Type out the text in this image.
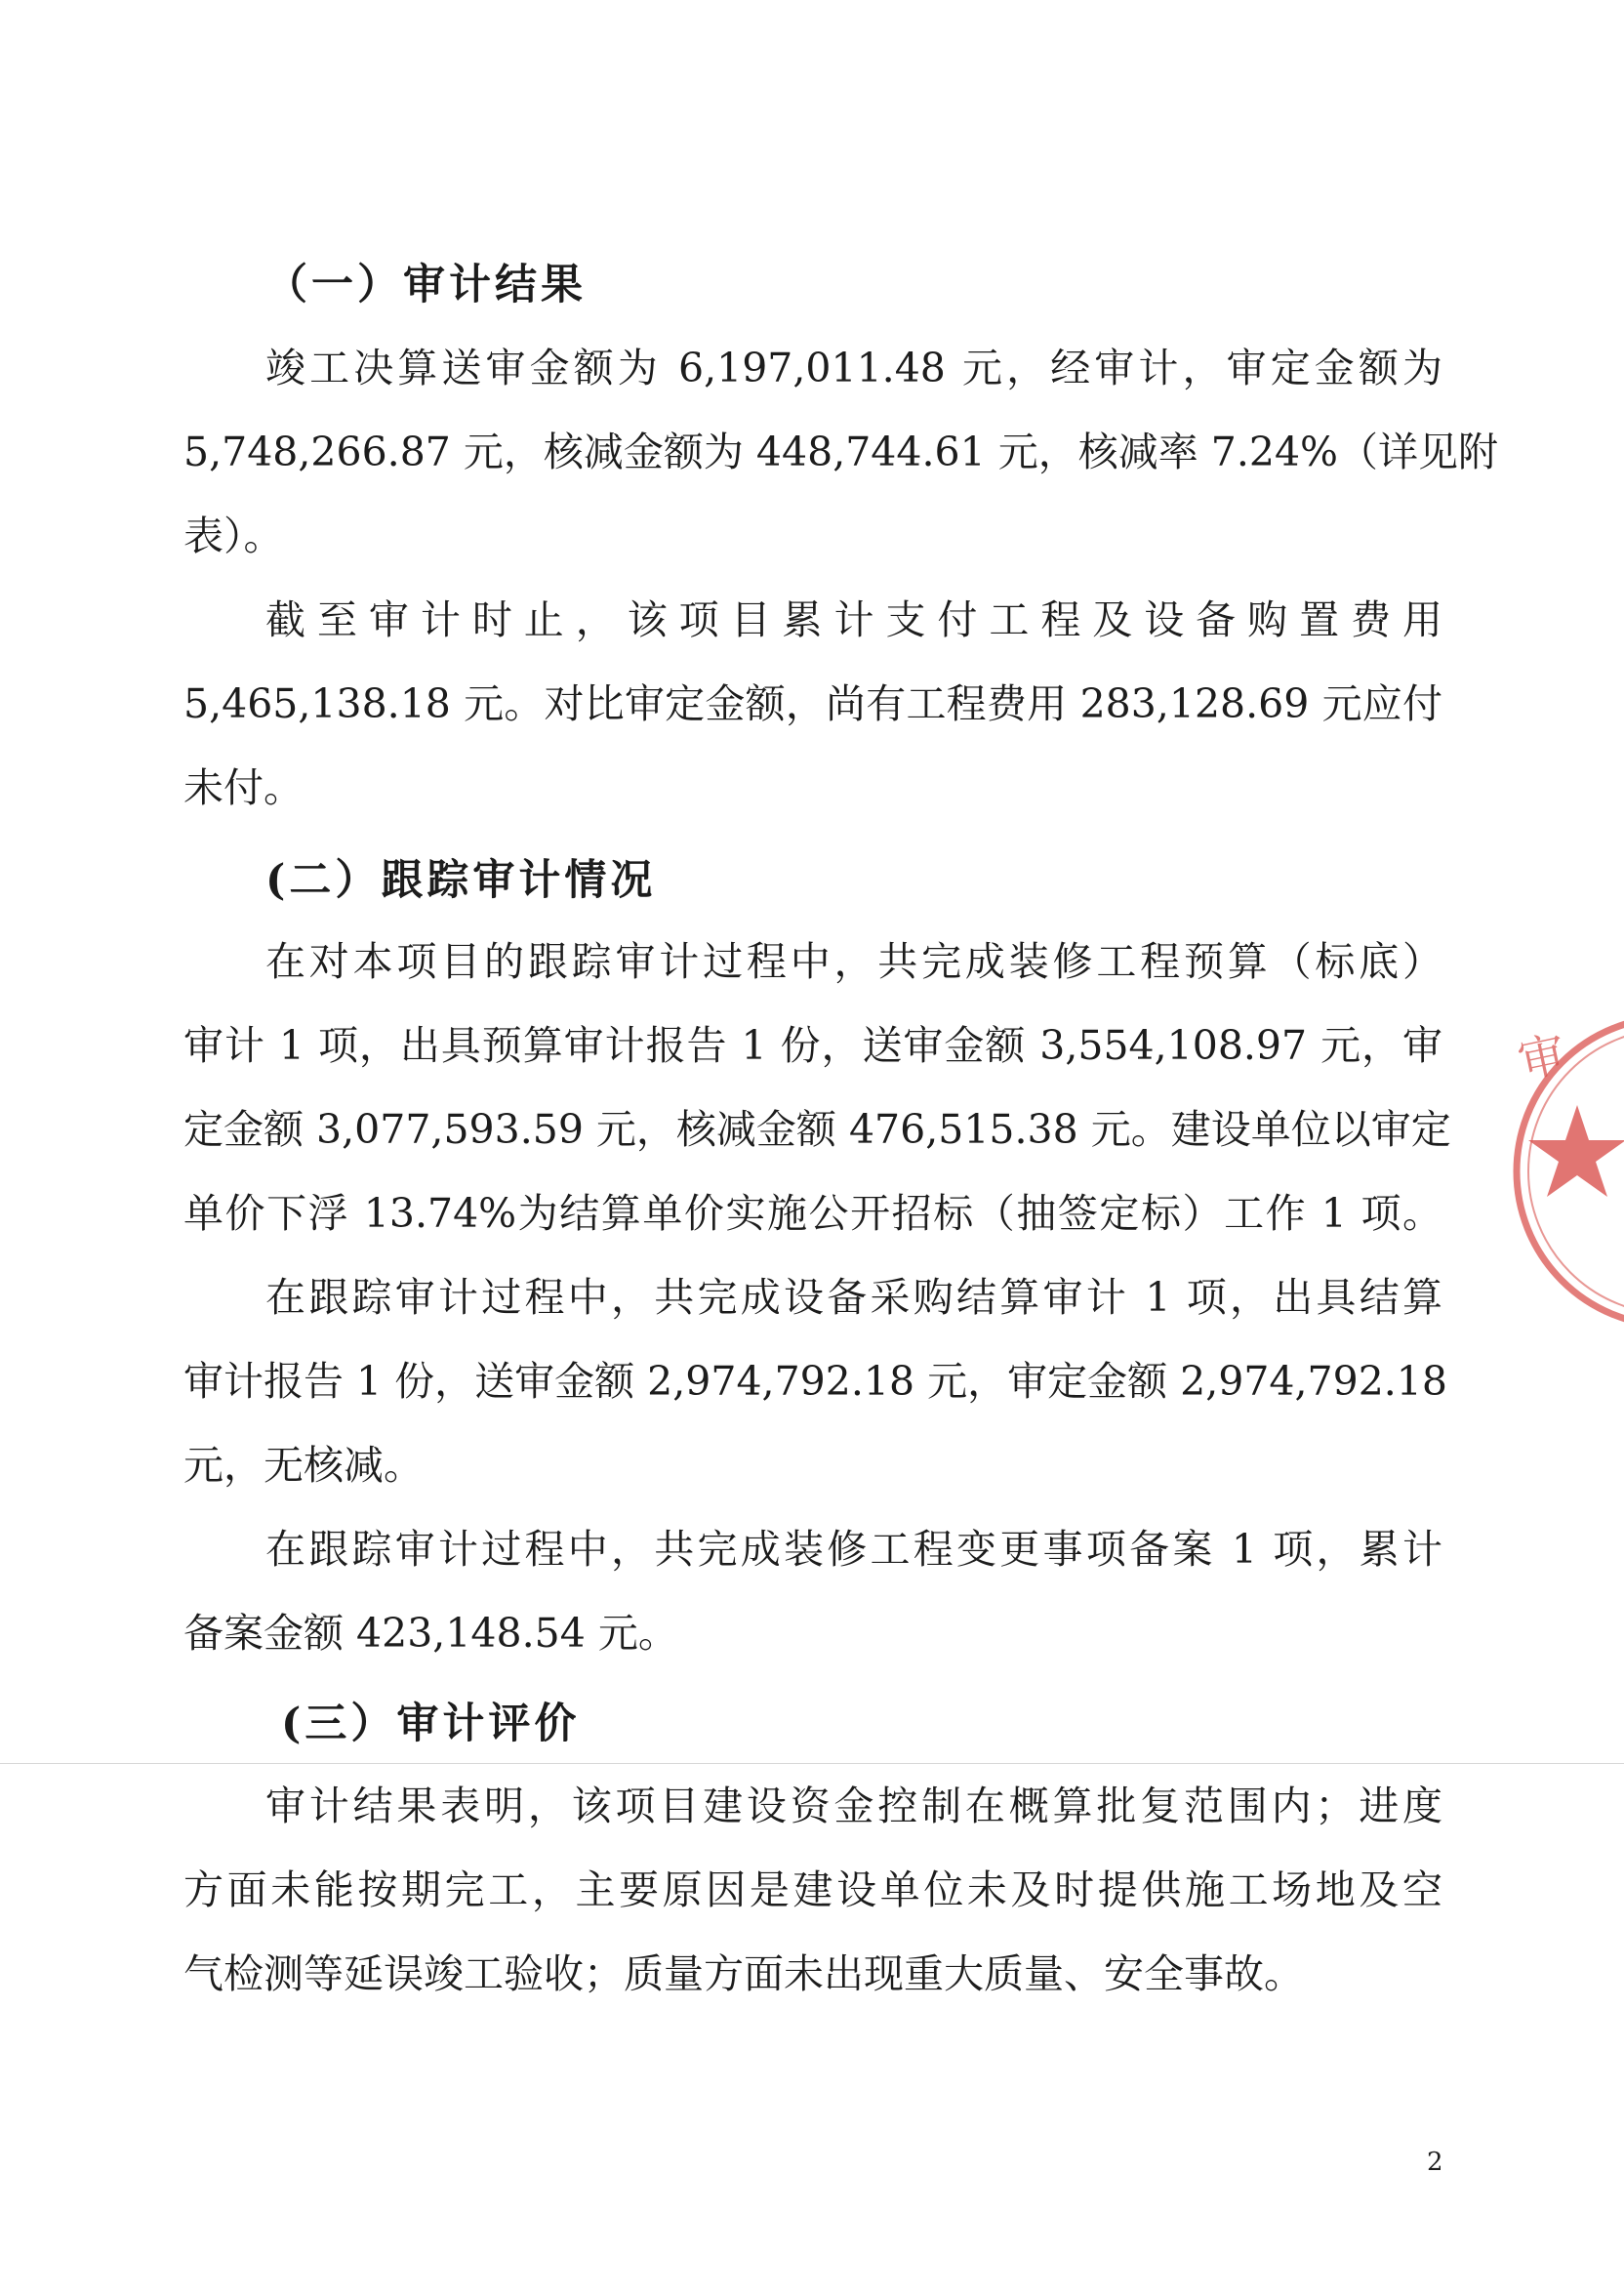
（一）审计结果

竣工决算送审金额为 6,197,011.48 元，经审计，审定金额为

5,748,266.87 元，核减金额为 448,744.61 元，核减率 7.24%（详见附

表）。

截至审计时止，该项目累计支付工程及设备购置费用

5,465,138.18 元。对比审定金额，尚有工程费用 283,128.69 元应付

未付。

(二）跟踪审计情况

在对本项目的跟踪审计过程中，共完成装修工程预算（标底）

审计 1 项，出具预算审计报告 1 份，送审金额 3,554,108.97 元，审

定金额 3,077,593.59 元，核减金额 476,515.38 元。建设单位以审定

单价下浮 13.74%为结算单价实施公开招标（抽签定标）工作 1 项。

在跟踪审计过程中，共完成设备采购结算审计 1 项，出具结算

审计报告 1 份，送审金额 2,974,792.18 元，审定金额 2,974,792.18

元，无核减。

在跟踪审计过程中，共完成装修工程变更事项备案 1 项，累计

备案金额 423,148.54 元。

(三）审计评价

审计结果表明，该项目建设资金控制在概算批复范围内；进度

方面未能按期完工，主要原因是建设单位未及时提供施工场地及空

气检测等延误竣工验收；质量方面未出现重大质量、安全事故。

2
审
